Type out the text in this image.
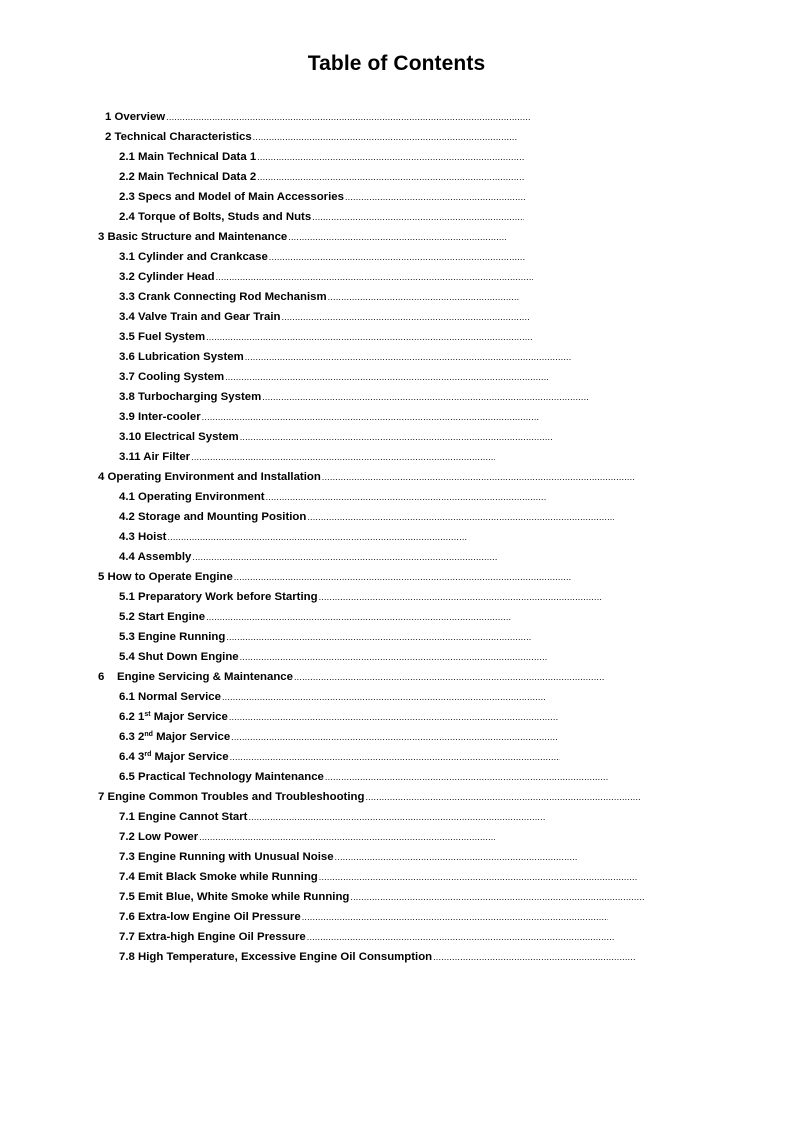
Table of Contents
1 Overview
.....
2 Technical Characteristics
.....
2.1 Main Technical Data 1
.....
2.2 Main Technical Data 2
.....
2.3 Specs and Model of Main Accessories
.....
2.4 Torque of Bolts, Studs and Nuts
.....
3 Basic Structure and Maintenance
.....
3.1 Cylinder and Crankcase
.....
3.2 Cylinder Head
.....
3.3 Crank Connecting Rod Mechanism
.....
3.4 Valve Train and Gear Train
.....
3.5 Fuel System
.....
3.6 Lubrication System
.....
3.7 Cooling System
.....
3.8 Turbocharging System
.....
3.9 Inter-cooler
.....
3.10 Electrical System
.....
3.11 Air Filter
.....
4 Operating Environment and Installation
.....
4.1 Operating Environment
.....
4.2 Storage and Mounting Position
.....
4.3 Hoist
.....
4.4 Assembly
.....
5 How to Operate Engine
.....
5.1 Preparatory Work before Starting
.....
5.2 Start Engine
.....
5.3 Engine Running
.....
5.4 Shut Down Engine
.....
6    Engine Servicing & Maintenance
.....
6.1 Normal Service
.....
6.2 1st Major Service
.....
6.3 2nd Major Service
.....
6.4 3rd Major Service
.....
6.5 Practical Technology Maintenance
.....
7 Engine Common Troubles and Troubleshooting
.....
7.1 Engine Cannot Start
.....
7.2 Low Power
.....
7.3 Engine Running with Unusual Noise
.....
7.4 Emit Black Smoke while Running
.....
7.5 Emit Blue, White Smoke while Running
.....
7.6 Extra-low Engine Oil Pressure
.....
7.7 Extra-high Engine Oil Pressure
.....
7.8 High Temperature, Excessive Engine Oil Consumption
.....
